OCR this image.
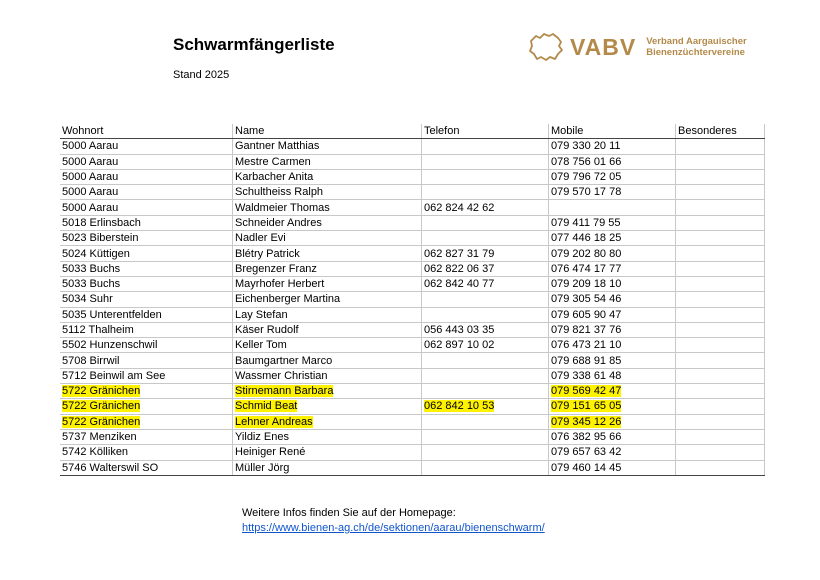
Schwarmfängerliste
Stand 2025
VABV Verband Aargauischer
Bienenzüchtervereine
Wohnort	Name	Telefon	Mobile	Besonderes
5000 Aarau	Gantner Matthias		079 330 20 11	
5000 Aarau	Mestre Carmen		078 756 01 66	
5000 Aarau	Karbacher Anita		079 796 72 05	
5000 Aarau	Schultheiss Ralph		079 570 17 78	
5000 Aarau	Waldmeier Thomas	062 824 42 62		
5018 Erlinsbach	Schneider Andres		079 411 79 55	
5023 Biberstein	Nadler Evi		077 446 18 25	
5024 Küttigen	Blétry Patrick	062 827 31 79	079 202 80 80	
5033 Buchs	Bregenzer Franz	062 822 06 37	076 474 17 77	
5033 Buchs	Mayrhofer Herbert	062 842 40 77	079 209 18 10	
5034 Suhr	Eichenberger Martina		079 305 54 46	
5035 Unterentfelden	Lay Stefan		079 605 90 47	
5112 Thalheim	Käser Rudolf	056 443 03 35	079 821 37 76	
5502 Hunzenschwil	Keller Tom	062 897 10 02	076 473 21 10	
5708 Birrwil	Baumgartner Marco		079 688 91 85	
5712 Beinwil am See	Wassmer Christian		079 338 61 48	
5722 Gränichen	Stirnemann Barbara		079 569 42 47	
5722 Gränichen	Schmid Beat	062 842 10 53	079 151 65 05	
5722 Gränichen	Lehner Andreas		079 345 12 26	
5737 Menziken	Yildiz Enes		076 382 95 66	
5742 Kölliken	Heiniger René		079 657 63 42	
5746 Walterswil SO	Müller Jörg		079 460 14 45	
Weitere Infos finden Sie auf der Homepage:
https://www.bienen-ag.ch/de/sektionen/aarau/bienenschwarm/
